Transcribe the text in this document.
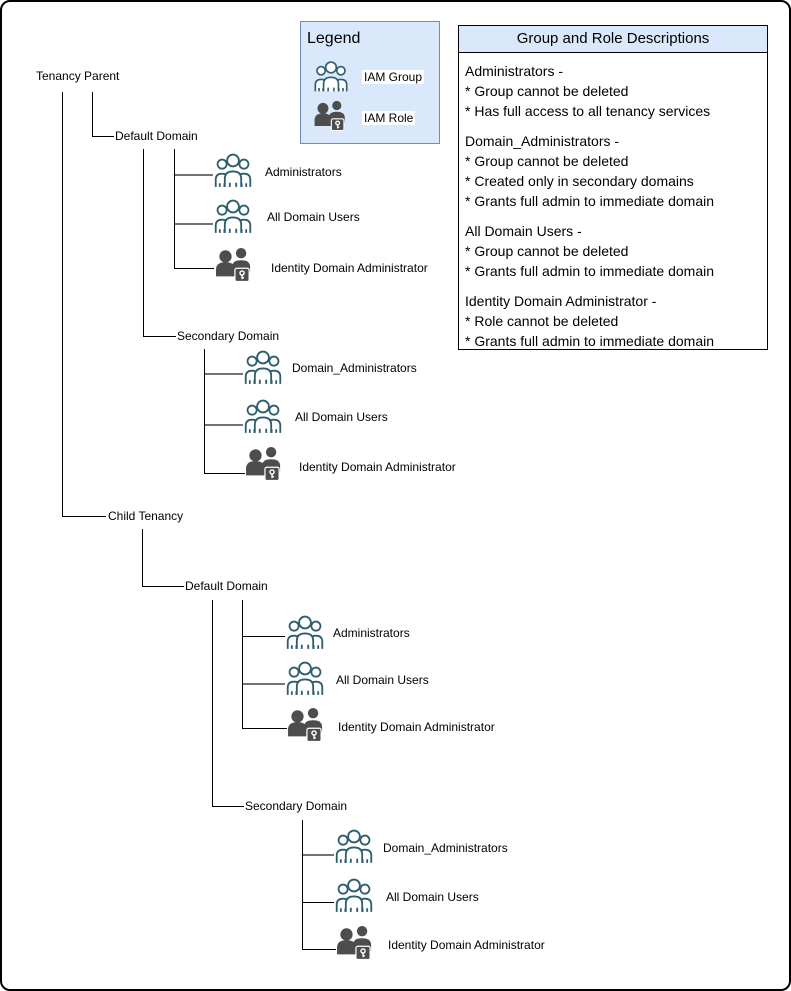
Tenancy Parent
Default Domain
Secondary Domain
Child Tenancy
Default Domain
Secondary Domain
Administrators
All Domain Users
Identity Domain Administrator
Domain_Administrators
All Domain Users
Identity Domain Administrator
Administrators
All Domain Users
Identity Domain Administrator
Domain_Administrators
All Domain Users
Identity Domain Administrator
Legend
IAM Group
IAM Role
Group and Role Descriptions
Administrators -
* Group cannot be deleted
* Has full access to all tenancy services
Domain_Administrators -
* Group cannot be deleted
* Created only in secondary domains
* Grants full admin to immediate domain
All Domain Users -
* Group cannot be deleted
* Grants full admin to immediate domain
Identity Domain Administrator -
* Role cannot be deleted
* Grants full admin to immediate domain
